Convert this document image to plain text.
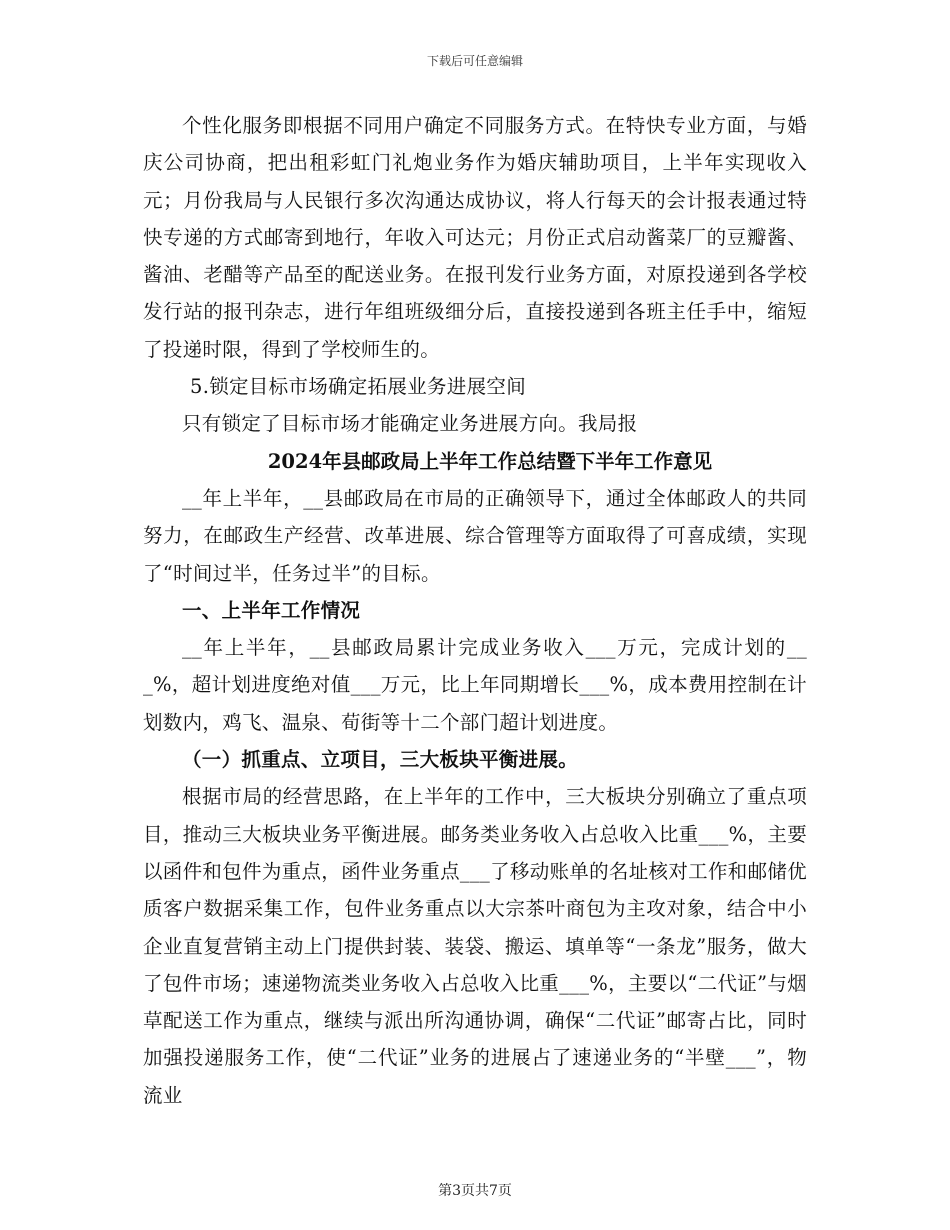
下载后可任意编辑

个性化服务即根据不同用户确定不同服务方式。在特快专业方面，与婚庆公司协商，把出租彩虹门礼炮业务作为婚庆辅助项目，上半年实现收入元；月份我局与人民银行多次沟通达成协议，将人行每天的会计报表通过特快专递的方式邮寄到地行，年收入可达元；月份正式启动酱菜厂的豆瓣酱、酱油、老醋等产品至的配送业务。在报刊发行业务方面，对原投递到各学校发行站的报刊杂志，进行年组班级细分后，直接投递到各班主任手中，缩短了投递时限，得到了学校师生的。

5.锁定目标市场确定拓展业务进展空间

只有锁定了目标市场才能确定业务进展方向。我局报

2024年县邮政局上半年工作总结暨下半年工作意见

__年上半年，__县邮政局在市局的正确领导下，通过全体邮政人的共同努力，在邮政生产经营、改革进展、综合管理等方面取得了可喜成绩，实现了“时间过半，任务过半”的目标。

一、上半年工作情况

__年上半年，__县邮政局累计完成业务收入___万元，完成计划的___%，超计划进度绝对值___万元，比上年同期增长___%，成本费用控制在计划数内，鸡飞、温泉、荀街等十二个部门超计划进度。

（一）抓重点、立项目，三大板块平衡进展。

根据市局的经营思路，在上半年的工作中，三大板块分别确立了重点项目，推动三大板块业务平衡进展。邮务类业务收入占总收入比重___%，主要以函件和包件为重点，函件业务重点___了移动账单的名址核对工作和邮储优质客户数据采集工作，包件业务重点以大宗茶叶商包为主攻对象，结合中小企业直复营销主动上门提供封装、装袋、搬运、填单等“一条龙”服务，做大了包件市场；速递物流类业务收入占总收入比重___%，主要以“二代证”与烟草配送工作为重点，继续与派出所沟通协调，确保“二代证”邮寄占比，同时加强投递服务工作，使“二代证”业务的进展占了速递业务的“半壁___”，物流业

第3页共7页
